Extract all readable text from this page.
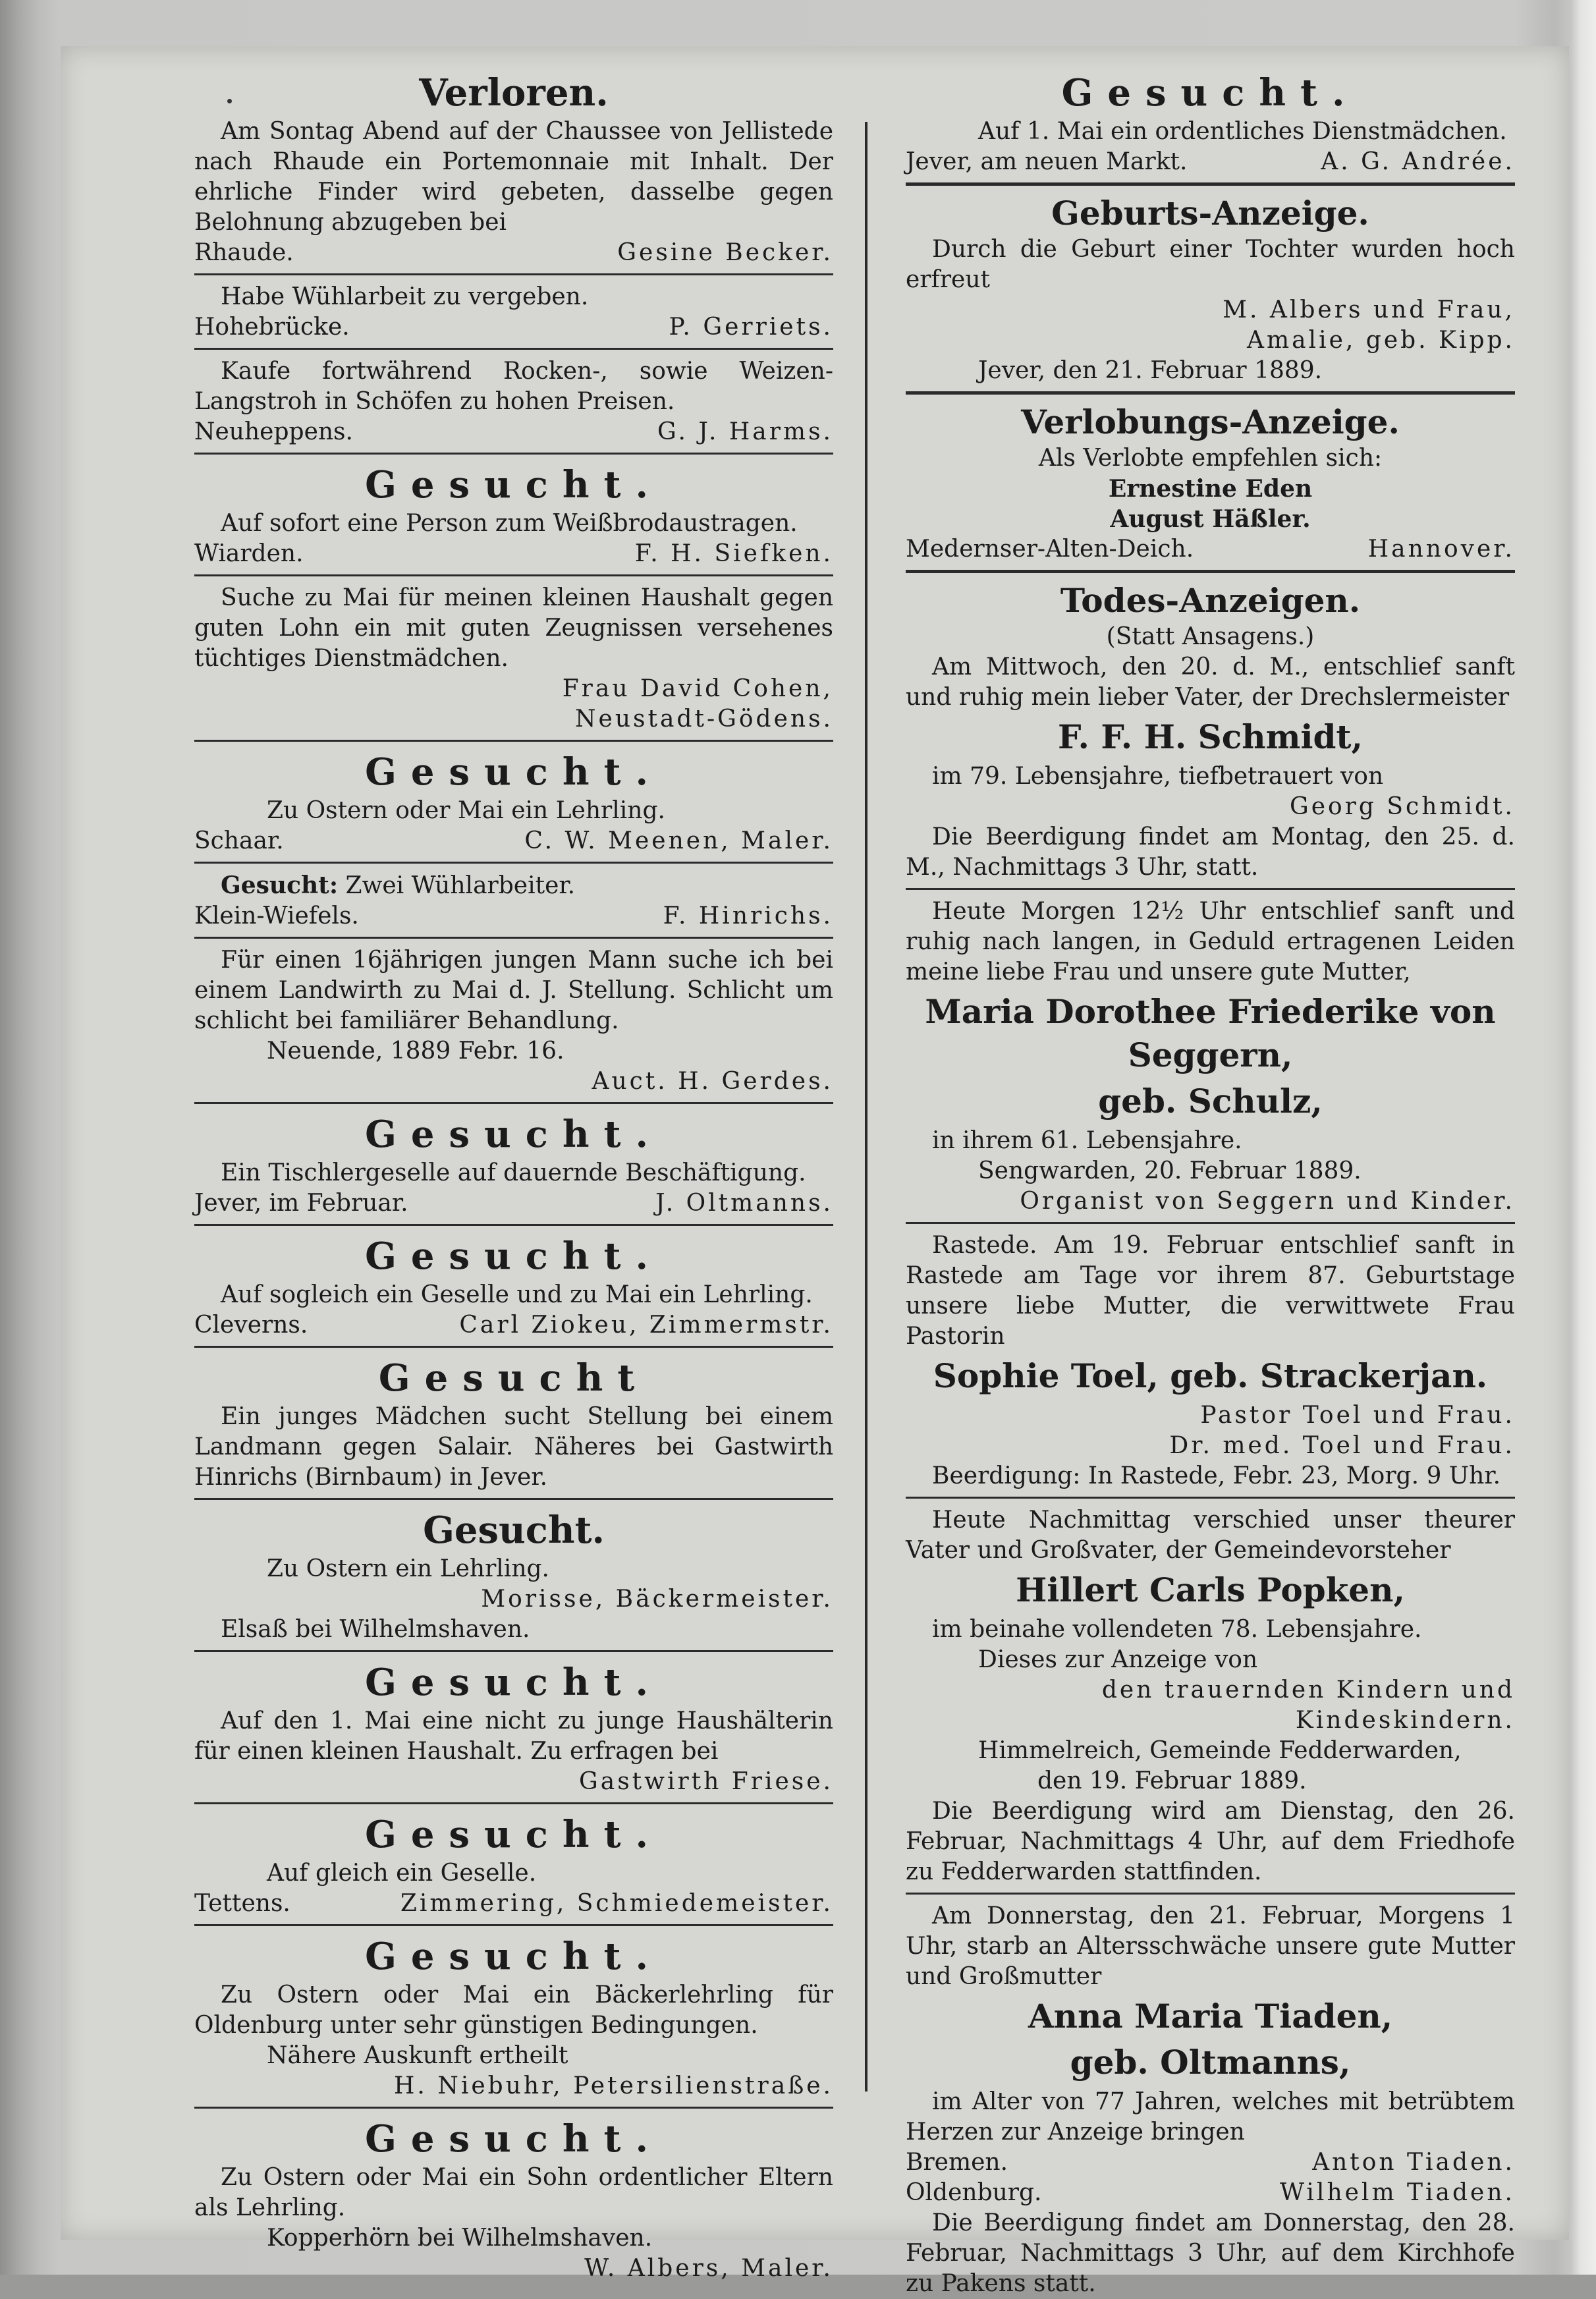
Verloren.

Am Sontag Abend auf der Chaussee von Jellistede nach Rhaude ein Portemonnaie mit Inhalt. Der ehrliche Finder wird gebeten, dasselbe gegen Belohnung abzugeben bei

Rhaude.	Gesine Becker.

Habe Wühlarbeit zu vergeben.

Hohebrücke.	P. Gerriets.

Kaufe fortwährend Rocken-, sowie Weizen-Langstroh in Schöfen zu hohen Preisen.

Neuheppens.	G. J. Harms.

Gesucht.

Auf sofort eine Person zum Weißbrodaustragen.

Wiarden.	F. H. Siefken.

Suche zu Mai für meinen kleinen Haushalt gegen guten Lohn ein mit guten Zeugnissen versehenes tüchtiges Dienstmädchen.

Frau David Cohen,

Neustadt-Gödens.

Gesucht.

Zu Ostern oder Mai ein Lehrling.

Schaar.	C. W. Meenen, Maler.

Gesucht: Zwei Wühlarbeiter.

Klein-Wiefels.	F. Hinrichs.

Für einen 16jährigen jungen Mann suche ich bei einem Landwirth zu Mai d. J. Stellung. Schlicht um schlicht bei familiärer Behandlung.

Neuende, 1889 Febr. 16.

Auct. H. Gerdes.

Gesucht.

Ein Tischlergeselle auf dauernde Beschäftigung.

Jever, im Februar.	J. Oltmanns.

Gesucht.

Auf sogleich ein Geselle und zu Mai ein Lehrling.

Cleverns.	Carl Ziokeu, Zimmermstr.

Gesucht

Ein junges Mädchen sucht Stellung bei einem Landmann gegen Salair. Näheres bei Gastwirth Hinrichs (Birnbaum) in Jever.

Gesucht.

Zu Ostern ein Lehrling.

Morisse, Bäckermeister.

Elsaß bei Wilhelmshaven.

Gesucht.

Auf den 1. Mai eine nicht zu junge Haushälterin für einen kleinen Haushalt. Zu erfragen bei

Gastwirth Friese.

Gesucht.

Auf gleich ein Geselle.

Tettens.	Zimmering, Schmiedemeister.

Gesucht.

Zu Ostern oder Mai ein Bäckerlehrling für Oldenburg unter sehr günstigen Bedingungen.

Nähere Auskunft ertheilt

H. Niebuhr, Petersilienstraße.

Gesucht.

Zu Ostern oder Mai ein Sohn ordentlicher Eltern als Lehrling.

Kopperhörn bei Wilhelmshaven.

W. Albers, Maler.

Gesucht.

Auf 1. Mai ein ordentliches Dienstmädchen.

Jever, am neuen Markt.	A. G. Andrée.

Geburts-Anzeige.

Durch die Geburt einer Tochter wurden hoch erfreut

M. Albers und Frau,

Amalie, geb. Kipp.

Jever, den 21. Februar 1889.

Verlobungs-Anzeige.

Als Verlobte empfehlen sich:

Ernestine Eden

August Häßler.

Medernser-Alten-Deich.	Hannover.

Todes-Anzeigen.

(Statt Ansagens.)

Am Mittwoch, den 20. d. M., entschlief sanft und ruhig mein lieber Vater, der Drechslermeister

F. F. H. Schmidt,

im 79. Lebensjahre, tiefbetrauert von

Georg Schmidt.

Die Beerdigung findet am Montag, den 25. d. M., Nachmittags 3 Uhr, statt.

Heute Morgen 12½ Uhr entschlief sanft und ruhig nach langen, in Geduld ertragenen Leiden meine liebe Frau und unsere gute Mutter,

Maria Dorothee Friederike von Seggern,

geb. Schulz,

in ihrem 61. Lebensjahre.

Sengwarden, 20. Februar 1889.

Organist von Seggern und Kinder.

Rastede. Am 19. Februar entschlief sanft in Rastede am Tage vor ihrem 87. Geburtstage unsere liebe Mutter, die verwittwete Frau Pastorin

Sophie Toel, geb. Strackerjan.

Pastor Toel und Frau.

Dr. med. Toel und Frau.

Beerdigung: In Rastede, Febr. 23, Morg. 9 Uhr.

Heute Nachmittag verschied unser theurer Vater und Großvater, der Gemeindevorsteher

Hillert Carls Popken,

im beinahe vollendeten 78. Lebensjahre.

Dieses zur Anzeige von

den trauernden Kindern und Kindeskindern.

Himmelreich, Gemeinde Fedderwarden,

den 19. Februar 1889.

Die Beerdigung wird am Dienstag, den 26. Februar, Nachmittags 4 Uhr, auf dem Friedhofe zu Fedderwarden stattfinden.

Am Donnerstag, den 21. Februar, Morgens 1 Uhr, starb an Altersschwäche unsere gute Mutter und Großmutter

Anna Maria Tiaden,

geb. Oltmanns,

im Alter von 77 Jahren, welches mit betrübtem Herzen zur Anzeige bringen

Bremen.	Anton Tiaden.
Oldenburg.	Wilhelm Tiaden.

Die Beerdigung findet am Donnerstag, den 28. Februar, Nachmittags 3 Uhr, auf dem Kirchhofe zu Pakens statt.
